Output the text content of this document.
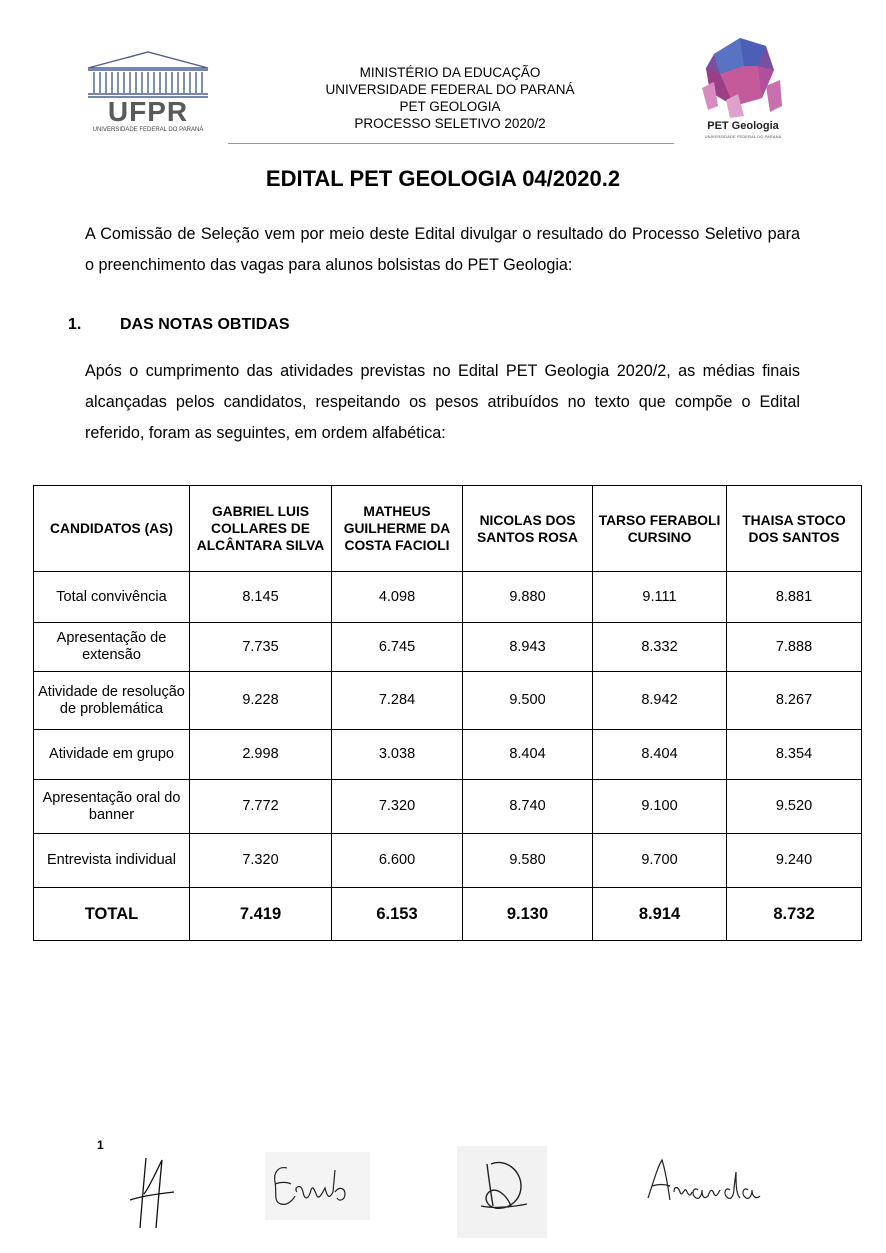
UFPR
UNIVERSIDADE FEDERAL DO PARANÁ
MINISTÉRIO DA EDUCAÇÃO
UNIVERSIDADE FEDERAL DO PARANÁ
PET GEOLOGIA
PROCESSO SELETIVO 2020/2	PET Geologia
UNIVERSIDADE FEDERAL DO PARANÁ
EDITAL PET GEOLOGIA 04/2020.2
A Comissão de Seleção vem por meio deste Edital divulgar o resultado do Processo Seletivo para o preenchimento das vagas para alunos bolsistas do PET Geologia:
1. DAS NOTAS OBTIDAS
Após o cumprimento das atividades previstas no Edital PET Geologia 2020/2, as médias finais alcançadas pelos candidatos, respeitando os pesos atribuídos no texto que compõe o Edital referido, foram as seguintes, em ordem alfabética:
CANDIDATOS (AS)	GABRIEL LUIS COLLARES DE ALCÂNTARA SILVA	MATHEUS GUILHERME DA COSTA FACIOLI	NICOLAS DOS SANTOS ROSA	TARSO FERABOLI CURSINO	THAISA STOCO DOS SANTOS
Total convivência	8.145	4.098	9.880	9.111	8.881
Apresentação de extensão	7.735	6.745	8.943	8.332	7.888
Atividade de resolução de problemática	9.228	7.284	9.500	8.942	8.267
Atividade em grupo	2.998	3.038	8.404	8.404	8.354
Apresentação oral do banner	7.772	7.320	8.740	9.100	9.520
Entrevista individual	7.320	6.600	9.580	9.700	9.240
TOTAL	7.419	6.153	9.130	8.914	8.732
1
